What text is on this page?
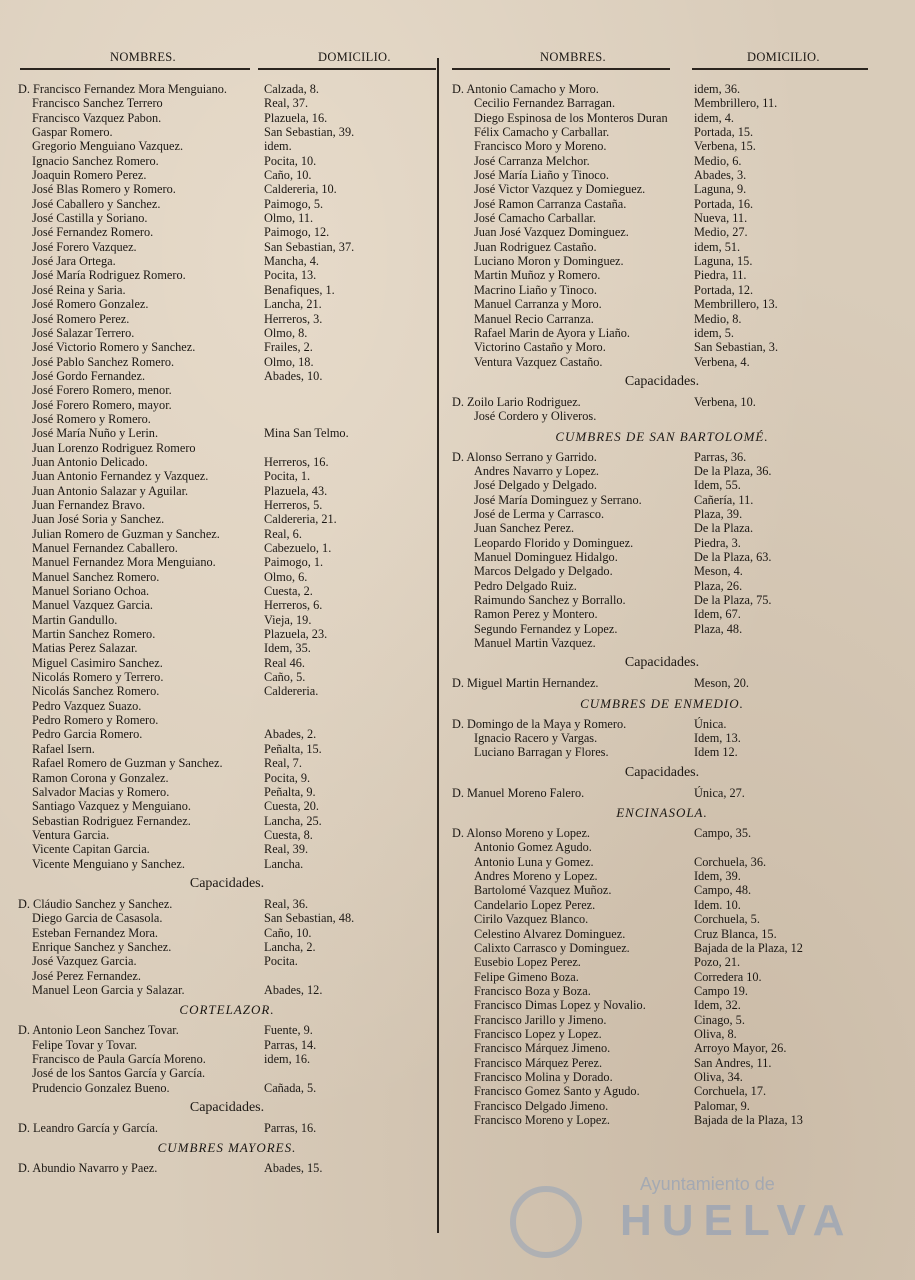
NOMBRES.	DOMICILIO.
D. Francisco Fernandez Mora Menguiano.	Calzada, 8.
Francisco Sanchez Terrero	Real, 37.
Francisco Vazquez Pabon.	Plazuela, 16.
Gaspar Romero.	San Sebastian, 39.
Gregorio Menguiano Vazquez.	idem.
Ignacio Sanchez Romero.	Pocita, 10.
Joaquin Romero Perez.	Caño, 10.
José Blas Romero y Romero.	Caldereria, 10.
José Caballero y Sanchez.	Paimogo, 5.
José Castilla y Soriano.	Olmo, 11.
José Fernandez Romero.	Paimogo, 12.
José Forero Vazquez.	San Sebastian, 37.
José Jara Ortega.	Mancha, 4.
José María Rodriguez Romero.	Pocita, 13.
José Reina y Saria.	Benafiques, 1.
José Romero Gonzalez.	Lancha, 21.
José Romero Perez.	Herreros, 3.
José Salazar Terrero.	Olmo, 8.
José Victorio Romero y Sanchez.	Frailes, 2.
José Pablo Sanchez Romero.	Olmo, 18.
José Gordo Fernandez.	Abades, 10.
José Forero Romero, menor.
José Forero Romero, mayor.
José Romero y Romero.
José María Nuño y Lerin.	Mina San Telmo.
Juan Lorenzo Rodriguez Romero
Juan Antonio Delicado.	Herreros, 16.
Juan Antonio Fernandez y Vazquez.	Pocita, 1.
Juan Antonio Salazar y Aguilar.	Plazuela, 43.
Juan Fernandez Bravo.	Herreros, 5.
Juan José Soria y Sanchez.	Caldereria, 21.
Julian Romero de Guzman y Sanchez.	Real, 6.
Manuel Fernandez Caballero.	Cabezuelo, 1.
Manuel Fernandez Mora Menguiano.	Paimogo, 1.
Manuel Sanchez Romero.	Olmo, 6.
Manuel Soriano Ochoa.	Cuesta, 2.
Manuel Vazquez Garcia.	Herreros, 6.
Martin Gandullo.	Vieja, 19.
Martin Sanchez Romero.	Plazuela, 23.
Matias Perez Salazar.	Idem, 35.
Miguel Casimiro Sanchez.	Real 46.
Nicolás Romero y Terrero.	Caño, 5.
Nicolás Sanchez Romero.	Caldereria.
Pedro Vazquez Suazo.
Pedro Romero y Romero.
Pedro Garcia Romero.	Abades, 2.
Rafael Isern.	Peñalta, 15.
Rafael Romero de Guzman y Sanchez.	Real, 7.
Ramon Corona y Gonzalez.	Pocita, 9.
Salvador Macias y Romero.	Peñalta, 9.
Santiago Vazquez y Menguiano.	Cuesta, 20.
Sebastian Rodriguez Fernandez.	Lancha, 25.
Ventura Garcia.	Cuesta, 8.
Vicente Capitan Garcia.	Real, 39.
Vicente Menguiano y Sanchez.	Lancha.
Capacidades.
D. Cláudio Sanchez y Sanchez.	Real, 36.
Diego Garcia de Casasola.	San Sebastian, 48.
Esteban Fernandez Mora.	Caño, 10.
Enrique Sanchez y Sanchez.	Lancha, 2.
José Vazquez Garcia.	Pocita.
José Perez Fernandez.
Manuel Leon Garcia y Salazar.	Abades, 12.
CORTELAZOR.
D. Antonio Leon Sanchez Tovar.	Fuente, 9.
Felipe Tovar y Tovar.	Parras, 14.
Francisco de Paula García Moreno.	idem, 16.
José de los Santos García y García.
Prudencio Gonzalez Bueno.	Cañada, 5.
Capacidades.
D. Leandro García y García.	Parras, 16.
CUMBRES MAYORES.
D. Abundio Navarro y Paez.	Abades, 15.
NOMBRES.	DOMICILIO.
D. Antonio Camacho y Moro.	idem, 36.
Cecilio Fernandez Barragan.	Membrillero, 11.
Diego Espinosa de los Monteros Duran idem, 4.
Félix Camacho y Carballar.	Portada, 15.
Francisco Moro y Moreno.	Verbena, 15.
José Carranza Melchor.	Medio, 6.
José María Liaño y Tinoco.	Abades, 3.
José Victor Vazquez y Domieguez.	Laguna, 9.
José Ramon Carranza Castaña.	Portada, 16.
José Camacho Carballar.	Nueva, 11.
Juan José Vazquez Dominguez.	Medio, 27.
Juan Rodriguez Castaño.	idem, 51.
Luciano Moron y Dominguez.	Laguna, 15.
Martin Muñoz y Romero.	Piedra, 11.
Macrino Liaño y Tinoco.	Portada, 12.
Manuel Carranza y Moro.	Membrillero, 13.
Manuel Recio Carranza.	Medio, 8.
Rafael Marin de Ayora y Liaño.	idem, 5.
Victorino Castaño y Moro.	San Sebastian, 3.
Ventura Vazquez Castaño.	Verbena, 4.
Capacidades.
D. Zoilo Lario Rodriguez.	Verbena, 10.
José Cordero y Oliveros.
CUMBRES DE SAN BARTOLOMÉ.
D. Alonso Serrano y Garrido.	Parras, 36.
Andres Navarro y Lopez.	De la Plaza, 36.
José Delgado y Delgado.	Idem, 55.
José María Dominguez y Serrano.	Cañería, 11.
José de Lerma y Carrasco.	Plaza, 39.
Juan Sanchez Perez.	De la Plaza.
Leopardo Florido y Dominguez.	Piedra, 3.
Manuel Dominguez Hidalgo.	De la Plaza, 63.
Marcos Delgado y Delgado.	Meson, 4.
Pedro Delgado Ruiz.	Plaza, 26.
Raimundo Sanchez y Borrallo.	De la Plaza, 75.
Ramon Perez y Montero.	Idem, 67.
Segundo Fernandez y Lopez.	Plaza, 48.
Manuel Martin Vazquez.
Capacidades.
D. Miguel Martin Hernandez.	Meson, 20.
CUMBRES DE ENMEDIO.
D. Domingo de la Maya y Romero.	Única.
Ignacio Racero y Vargas.	Idem, 13.
Luciano Barragan y Flores.	Idem 12.
Capacidades.
D. Manuel Moreno Falero.	Única, 27.
ENCINASOLA.
D. Alonso Moreno y Lopez.	Campo, 35.
Antonio Gomez Agudo.
Antonio Luna y Gomez.	Corchuela, 36.
Andres Moreno y Lopez.	Idem, 39.
Bartolomé Vazquez Muñoz.	Campo, 48.
Candelario Lopez Perez.	Idem. 10.
Cirilo Vazquez Blanco.	Corchuela, 5.
Celestino Alvarez Dominguez.	Cruz Blanca, 15.
Calixto Carrasco y Dominguez.	Bajada de la Plaza, 12
Eusebio Lopez Perez.	Pozo, 21.
Felipe Gimeno Boza.	Corredera 10.
Francisco Boza y Boza.	Campo 19.
Francisco Dimas Lopez y Novalio.	Idem, 32.
Francisco Jarillo y Jimeno.	Cinago, 5.
Francisco Lopez y Lopez.	Oliva, 8.
Francisco Márquez Jimeno.	Arroyo Mayor, 26.
Francisco Márquez Perez.	San Andres, 11.
Francisco Molina y Dorado.	Oliva, 34.
Francisco Gomez Santo y Agudo.	Corchuela, 17.
Francisco Delgado Jimeno.	Palomar, 9.
Francisco Moreno y Lopez.	Bajada de la Plaza, 13
Ayuntamiento de
HUELVA
